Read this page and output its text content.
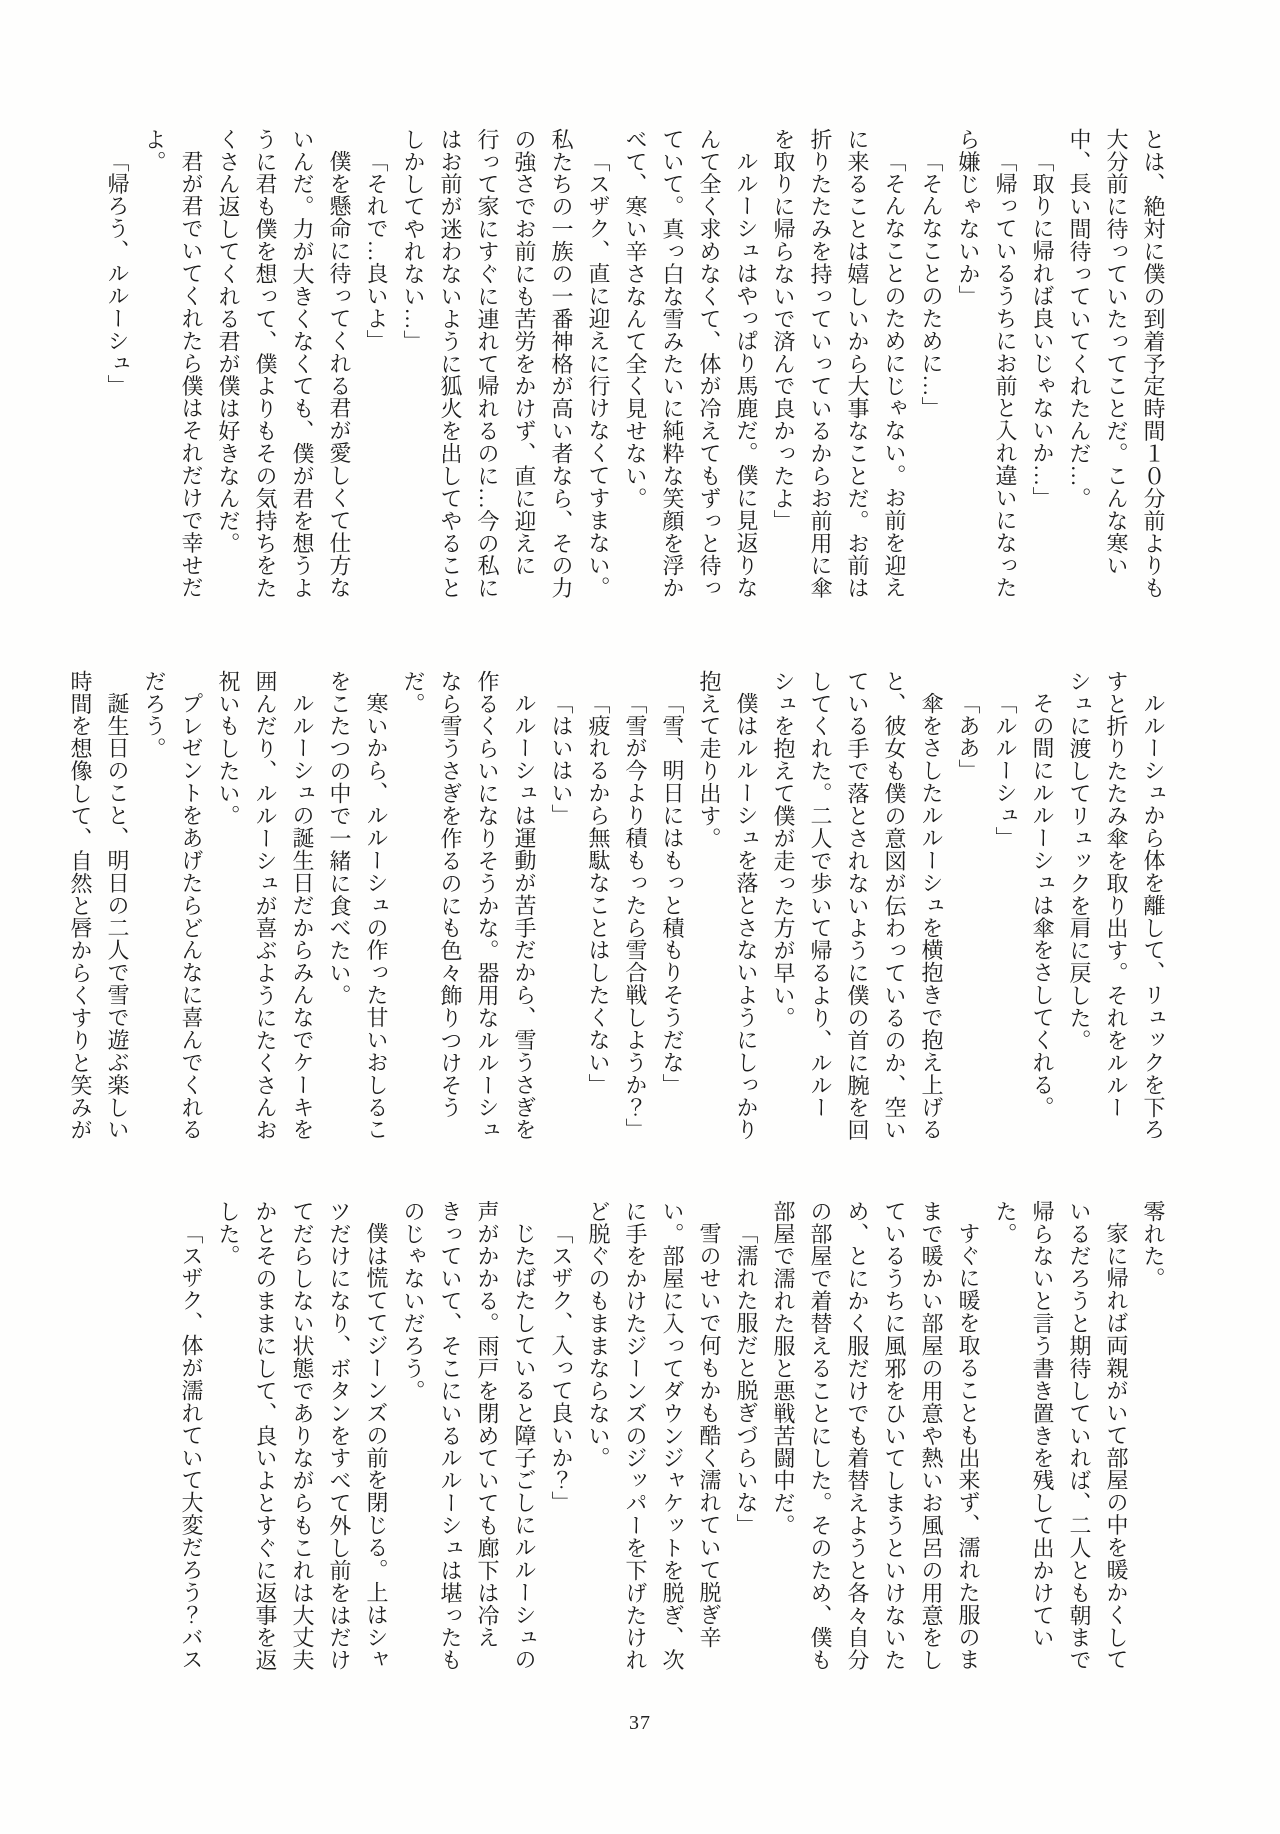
とは、絶対に僕の到着予定時間１０分前よりも大分前に待っていたってことだ。こんな寒い中、長い間待っていてくれたんだ…。

「取りに帰れば良いじゃないか…」

「帰っているうちにお前と入れ違いになったら嫌じゃないか」

「そんなことのために…」

「そんなことのためにじゃない。お前を迎えに来ることは嬉しいから大事なことだ。お前は折りたたみを持っていっているからお前用に傘を取りに帰らないで済んで良かったよ」

ルルーシュはやっぱり馬鹿だ。僕に見返りなんて全く求めなくて、体が冷えてもずっと待っていて。真っ白な雪みたいに純粋な笑顔を浮かべて、寒い辛さなんて全く見せない。

「スザク、直に迎えに行けなくてすまない。私たちの一族の一番神格が高い者なら、その力の強さでお前にも苦労をかけず、直に迎えに行って家にすぐに連れて帰れるのに…今の私にはお前が迷わないように狐火を出してやることしかしてやれない…」

「それで…良いよ」

僕を懸命に待ってくれる君が愛しくて仕方ないんだ。力が大きくなくても、僕が君を想うように君も僕を想って、僕よりもその気持ちをたくさん返してくれる君が僕は好きなんだ。

君が君でいてくれたら僕はそれだけで幸せだよ。

「帰ろう、ルルーシュ」

ルルーシュから体を離して、リュックを下ろすと折りたたみ傘を取り出す。それをルルーシュに渡してリュックを肩に戻した。

その間にルルーシュは傘をさしてくれる。

「ルルーシュ」

「ああ」

傘をさしたルルーシュを横抱きで抱え上げると、彼女も僕の意図が伝わっているのか、空いている手で落とされないように僕の首に腕を回してくれた。二人で歩いて帰るより、ルルーシュを抱えて僕が走った方が早い。

僕はルルーシュを落とさないようにしっかり抱えて走り出す。

「雪、明日にはもっと積もりそうだな」

「雪が今より積もったら雪合戦しようか？」

「疲れるから無駄なことはしたくない」

「はいはい」

ルルーシュは運動が苦手だから、雪うさぎを作るくらいになりそうかな。器用なルルーシュなら雪うさぎを作るのにも色々飾りつけそうだ。

寒いから、ルルーシュの作った甘いおしるこをこたつの中で一緒に食べたい。

ルルーシュの誕生日だからみんなでケーキを囲んだり、ルルーシュが喜ぶようにたくさんお祝いもしたい。

プレゼントをあげたらどんなに喜んでくれるだろう。

誕生日のこと、明日の二人で雪で遊ぶ楽しい時間を想像して、自然と唇からくすりと笑みが

零れた。

家に帰れば両親がいて部屋の中を暖かくしているだろうと期待していれば、二人とも朝まで帰らないと言う書き置きを残して出かけていた。

すぐに暖を取ることも出来ず、濡れた服のままで暖かい部屋の用意や熱いお風呂の用意をしているうちに風邪をひいてしまうといけないため、とにかく服だけでも着替えようと各々自分の部屋で着替えることにした。そのため、僕も部屋で濡れた服と悪戦苦闘中だ。

「濡れた服だと脱ぎづらいな」

雪のせいで何もかも酷く濡れていて脱ぎ辛い。部屋に入ってダウンジャケットを脱ぎ、次に手をかけたジーンズのジッパーを下げたけれど脱ぐのもままならない。

「スザク、入って良いか？」

じたばたしていると障子ごしにルルーシュの声がかかる。雨戸を閉めていても廊下は冷えきっていて、そこにいるルルーシュは堪ったものじゃないだろう。

僕は慌ててジーンズの前を閉じる。上はシャツだけになり、ボタンをすべて外し前をはだけてだらしない状態でありながらもこれは大丈夫かとそのままにして、良いよとすぐに返事を返した。

「スザク、体が濡れていて大変だろう？バス

37
